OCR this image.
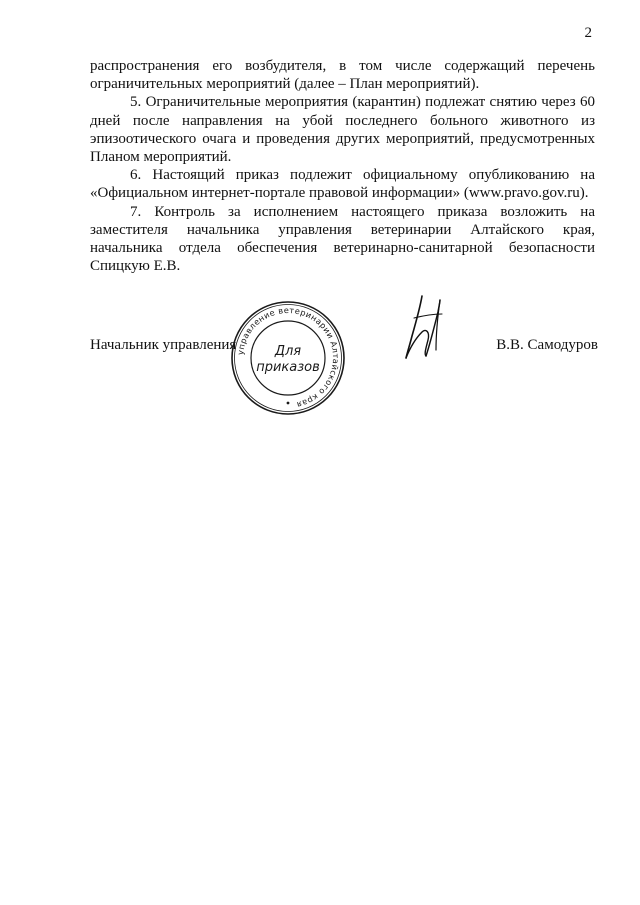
2

распространения его возбудителя, в том числе содержащий перечень ограничительных мероприятий (далее – План мероприятий).

5. Ограничительные мероприятия (карантин) подлежат снятию через 60 дней после направления на убой последнего больного животного из эпизоотического очага и проведения других мероприятий, предусмотренных Планом мероприятий.

6. Настоящий приказ подлежит официальному опубликованию на «Официальном интернет-портале правовой информации» (www.pravo.gov.ru).

7. Контроль за исполнением настоящего приказа возложить на заместителя начальника управления ветеринарии Алтайского края, начальника отдела обеспечения ветеринарно-санитарной безопасности Спицкую Е.В.

Начальник управления	В.В. Самодуров
управление ветеринарии Алтайского края
Для
приказов
